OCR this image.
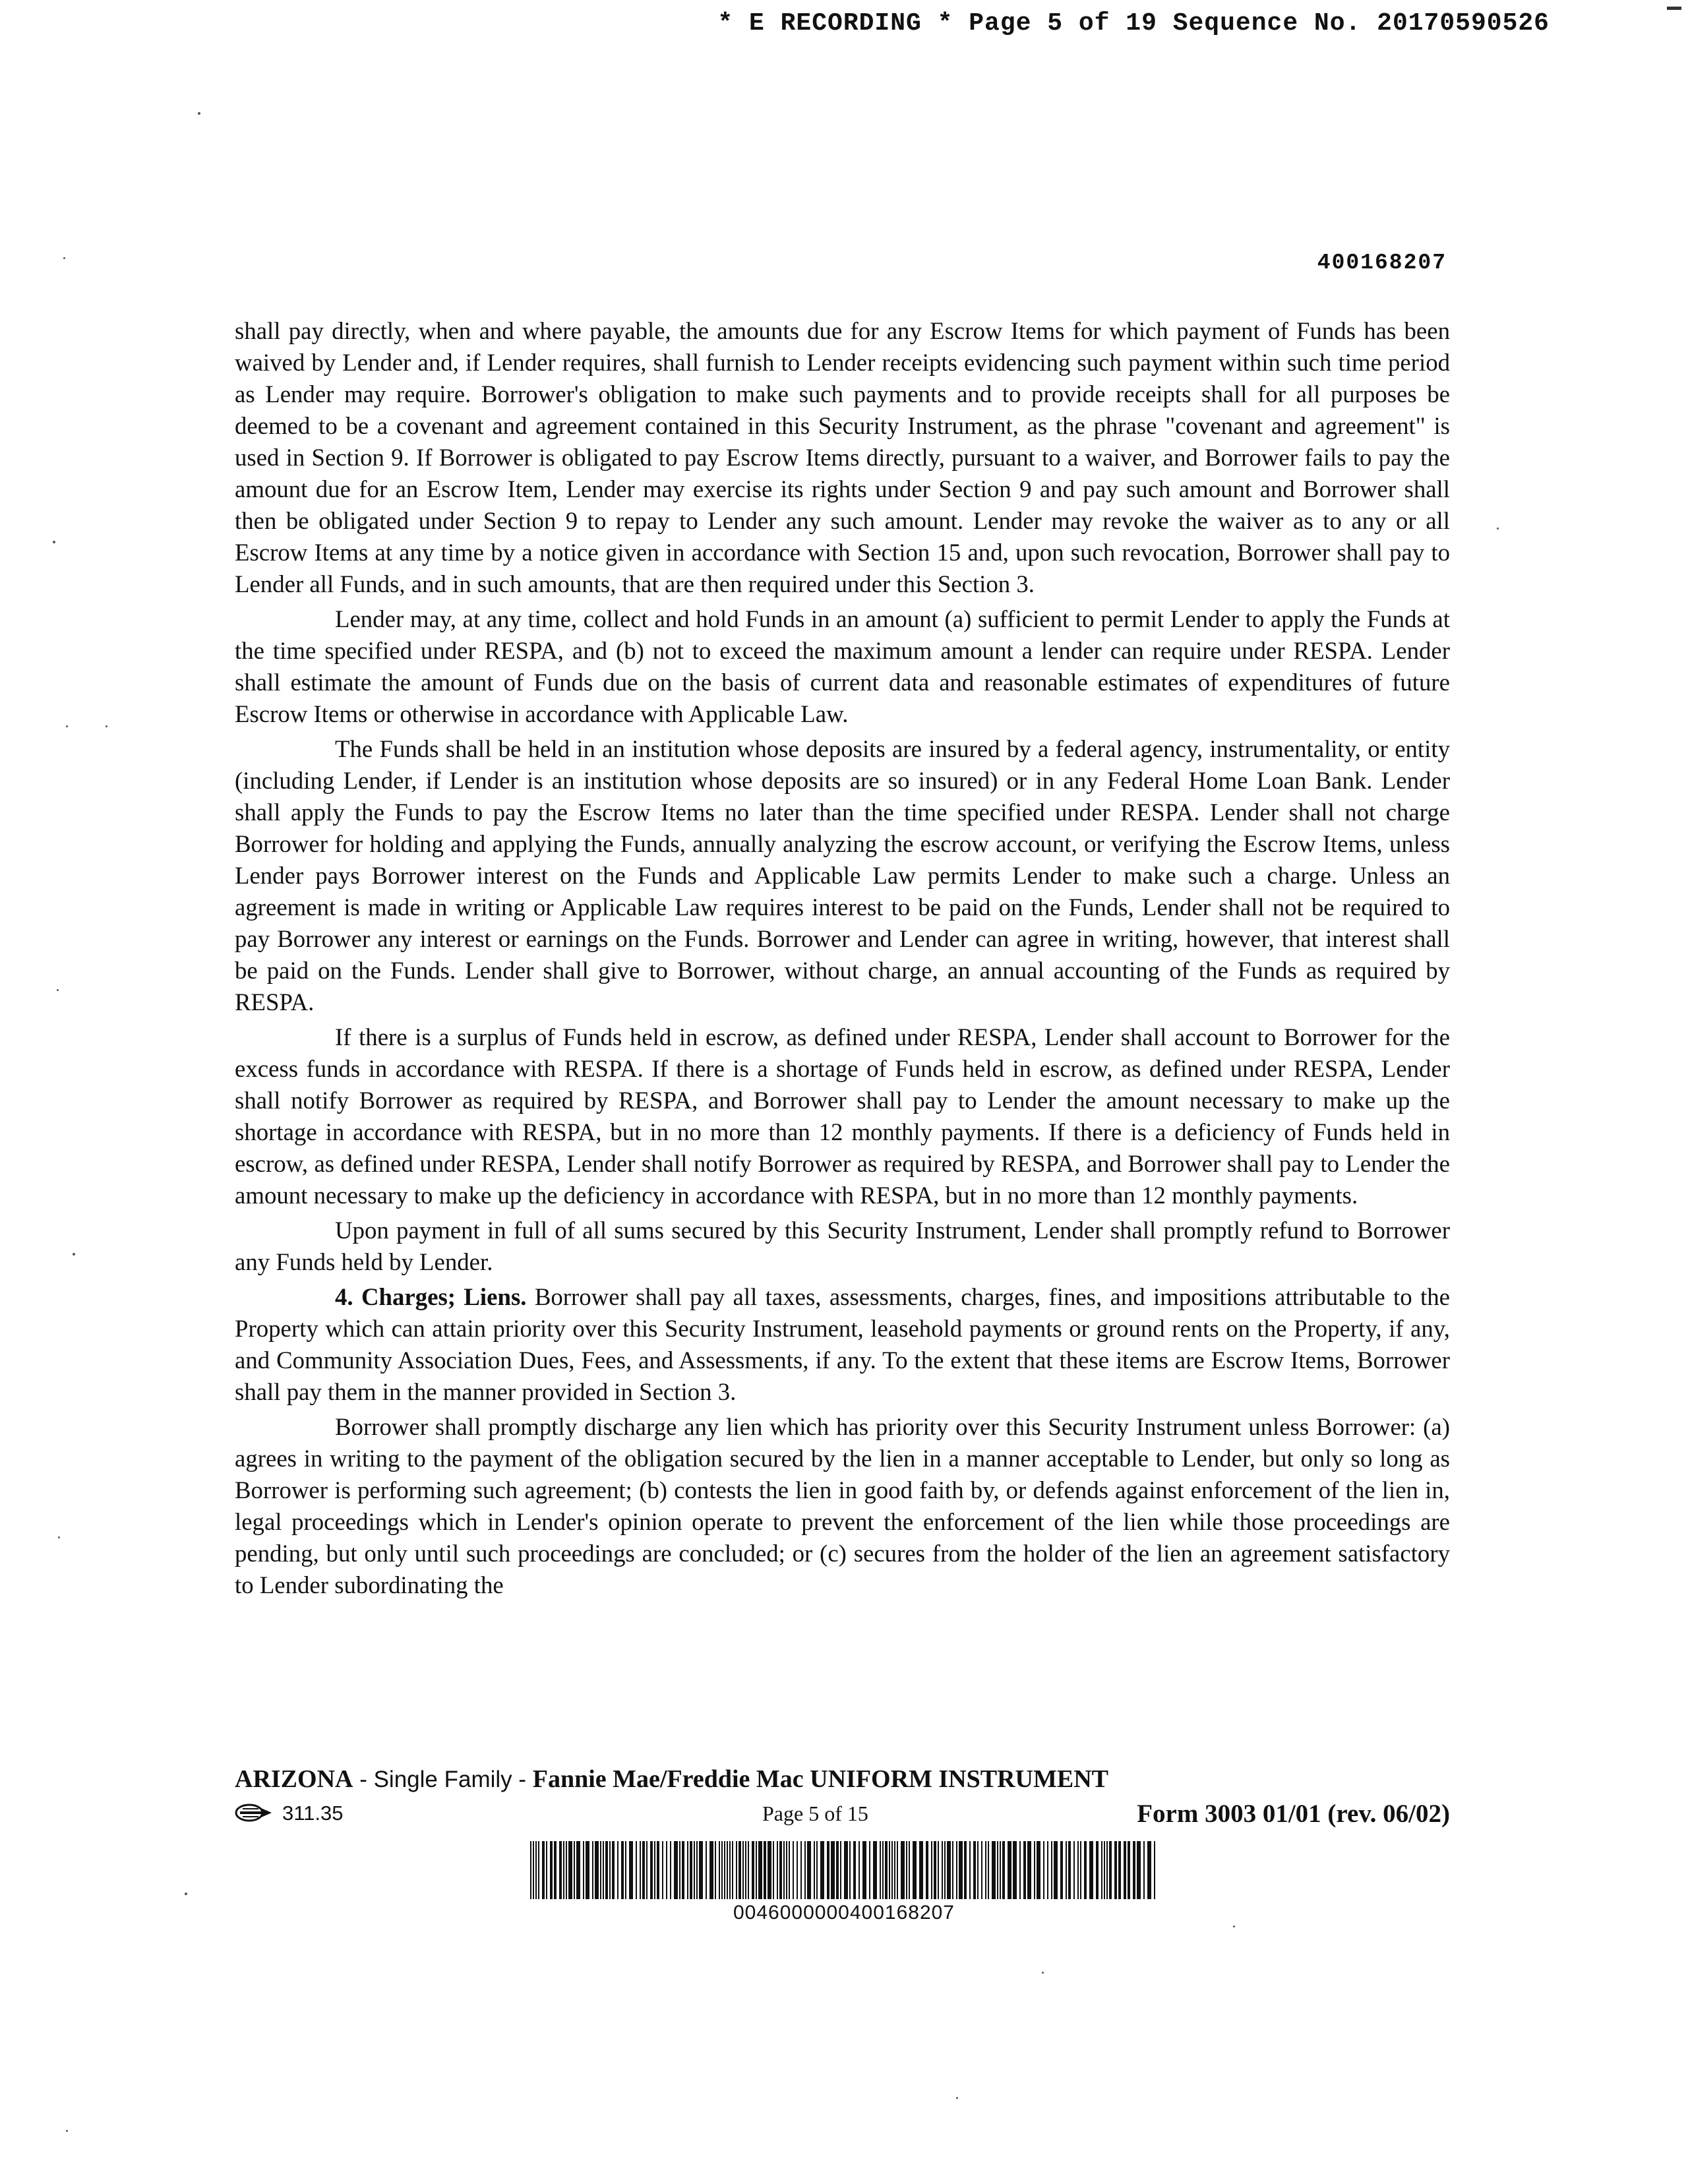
* E RECORDING * Page 5 of 19 Sequence No. 20170590526
400168207

shall pay directly, when and where payable, the amounts due for any Escrow Items for which payment of Funds has been waived by Lender and, if Lender requires, shall furnish to Lender receipts evidencing such payment within such time period as Lender may require. Borrower's obligation to make such payments and to provide receipts shall for all purposes be deemed to be a covenant and agreement contained in this Security Instrument, as the phrase "covenant and agreement" is used in Section 9. If Borrower is obligated to pay Escrow Items directly, pursuant to a waiver, and Borrower fails to pay the amount due for an Escrow Item, Lender may exercise its rights under Section 9 and pay such amount and Borrower shall then be obligated under Section 9 to repay to Lender any such amount. Lender may revoke the waiver as to any or all Escrow Items at any time by a notice given in accordance with Section 15 and, upon such revocation, Borrower shall pay to Lender all Funds, and in such amounts, that are then required under this Section 3.

Lender may, at any time, collect and hold Funds in an amount (a) sufficient to permit Lender to apply the Funds at the time specified under RESPA, and (b) not to exceed the maximum amount a lender can require under RESPA. Lender shall estimate the amount of Funds due on the basis of current data and reasonable estimates of expenditures of future Escrow Items or otherwise in accordance with Applicable Law.

The Funds shall be held in an institution whose deposits are insured by a federal agency, instrumentality, or entity (including Lender, if Lender is an institution whose deposits are so insured) or in any Federal Home Loan Bank. Lender shall apply the Funds to pay the Escrow Items no later than the time specified under RESPA. Lender shall not charge Borrower for holding and applying the Funds, annually analyzing the escrow account, or verifying the Escrow Items, unless Lender pays Borrower interest on the Funds and Applicable Law permits Lender to make such a charge. Unless an agreement is made in writing or Applicable Law requires interest to be paid on the Funds, Lender shall not be required to pay Borrower any interest or earnings on the Funds. Borrower and Lender can agree in writing, however, that interest shall be paid on the Funds. Lender shall give to Borrower, without charge, an annual accounting of the Funds as required by RESPA.

If there is a surplus of Funds held in escrow, as defined under RESPA, Lender shall account to Borrower for the excess funds in accordance with RESPA. If there is a shortage of Funds held in escrow, as defined under RESPA, Lender shall notify Borrower as required by RESPA, and Borrower shall pay to Lender the amount necessary to make up the shortage in accordance with RESPA, but in no more than 12 monthly payments. If there is a deficiency of Funds held in escrow, as defined under RESPA, Lender shall notify Borrower as required by RESPA, and Borrower shall pay to Lender the amount necessary to make up the deficiency in accordance with RESPA, but in no more than 12 monthly payments.

Upon payment in full of all sums secured by this Security Instrument, Lender shall promptly refund to Borrower any Funds held by Lender.

4. Charges; Liens. Borrower shall pay all taxes, assessments, charges, fines, and impositions attributable to the Property which can attain priority over this Security Instrument, leasehold payments or ground rents on the Property, if any, and Community Association Dues, Fees, and Assessments, if any. To the extent that these items are Escrow Items, Borrower shall pay them in the manner provided in Section 3.

Borrower shall promptly discharge any lien which has priority over this Security Instrument unless Borrower: (a) agrees in writing to the payment of the obligation secured by the lien in a manner acceptable to Lender, but only so long as Borrower is performing such agreement; (b) contests the lien in good faith by, or defends against enforcement of the lien in, legal proceedings which in Lender's opinion operate to prevent the enforcement of the lien while those proceedings are pending, but only until such proceedings are concluded; or (c) secures from the holder of the lien an agreement satisfactory to Lender subordinating the

ARIZONA - Single Family - Fannie Mae/Freddie Mac UNIFORM INSTRUMENT
311.35	Page 5 of 15	Form 3003 01/01 (rev. 06/02)
0046000000400168207
